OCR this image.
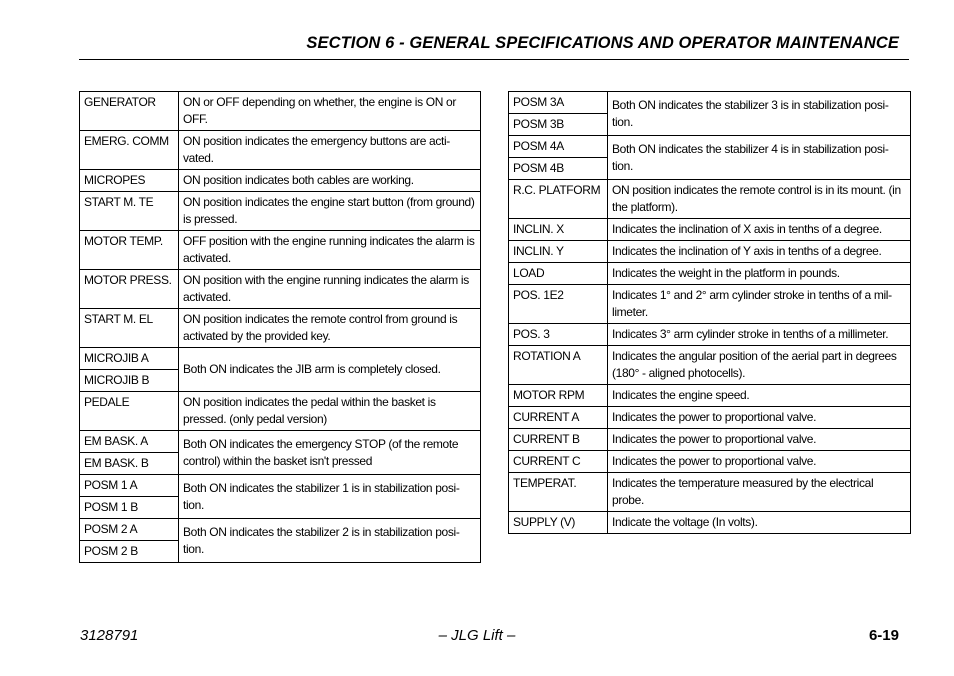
SECTION 6 - GENERAL SPECIFICATIONS AND OPERATOR MAINTENANCE
GENERATOR	ON or OFF depending on whether, the engine is ON or OFF.
EMERG. COMM	ON position indicates the emergency buttons are acti-vated.
MICROPES	ON position indicates both cables are working.
START M. TE	ON position indicates the engine start button (from ground) is pressed.
MOTOR TEMP.	OFF position with the engine running indicates the alarm is activated.
MOTOR PRESS.	ON position with the engine running indicates the alarm is activated.
START M. EL	ON position indicates the remote control from ground is activated by the provided key.
MICROJIB A	Both ON indicates the JIB arm is completely closed.
MICROJIB B	
PEDALE	ON position indicates the pedal within the basket is pressed. (only pedal version)
EM BASK. A	Both ON indicates the emergency STOP (of the remote control) within the basket isn't pressed
EM BASK. B	
POSM 1 A	Both ON indicates the stabilizer 1 is in stabilization posi-tion.
POSM 1 B	
POSM 2 A	Both ON indicates the stabilizer 2 is in stabilization posi-tion.
POSM 2 B	
POSM 3A	Both ON indicates the stabilizer 3 is in stabilization posi-tion.
POSM 3B	
POSM 4A	Both ON indicates the stabilizer 4 is in stabilization posi-tion.
POSM 4B	
R.C. PLATFORM	ON position indicates the remote control is in its mount. (in the platform).
INCLIN. X	Indicates the inclination of X axis in tenths of a degree.
INCLIN. Y	Indicates the inclination of Y axis in tenths of a degree.
LOAD	Indicates the weight in the platform in pounds.
POS. 1E2	Indicates 1° and 2° arm cylinder stroke in tenths of a mil-limeter.
POS. 3	Indicates 3° arm cylinder stroke in tenths of a millimeter.
ROTATION A	Indicates the angular position of the aerial part in degrees (180° - aligned photocells).
MOTOR RPM	Indicates the engine speed.
CURRENT A	Indicates the power to proportional valve.
CURRENT B	Indicates the power to proportional valve.
CURRENT C	Indicates the power to proportional valve.
TEMPERAT.	Indicates the temperature measured by the electrical probe.
SUPPLY (V)	Indicate the voltage (In volts).
3128791	– JLG Lift –	6-19
